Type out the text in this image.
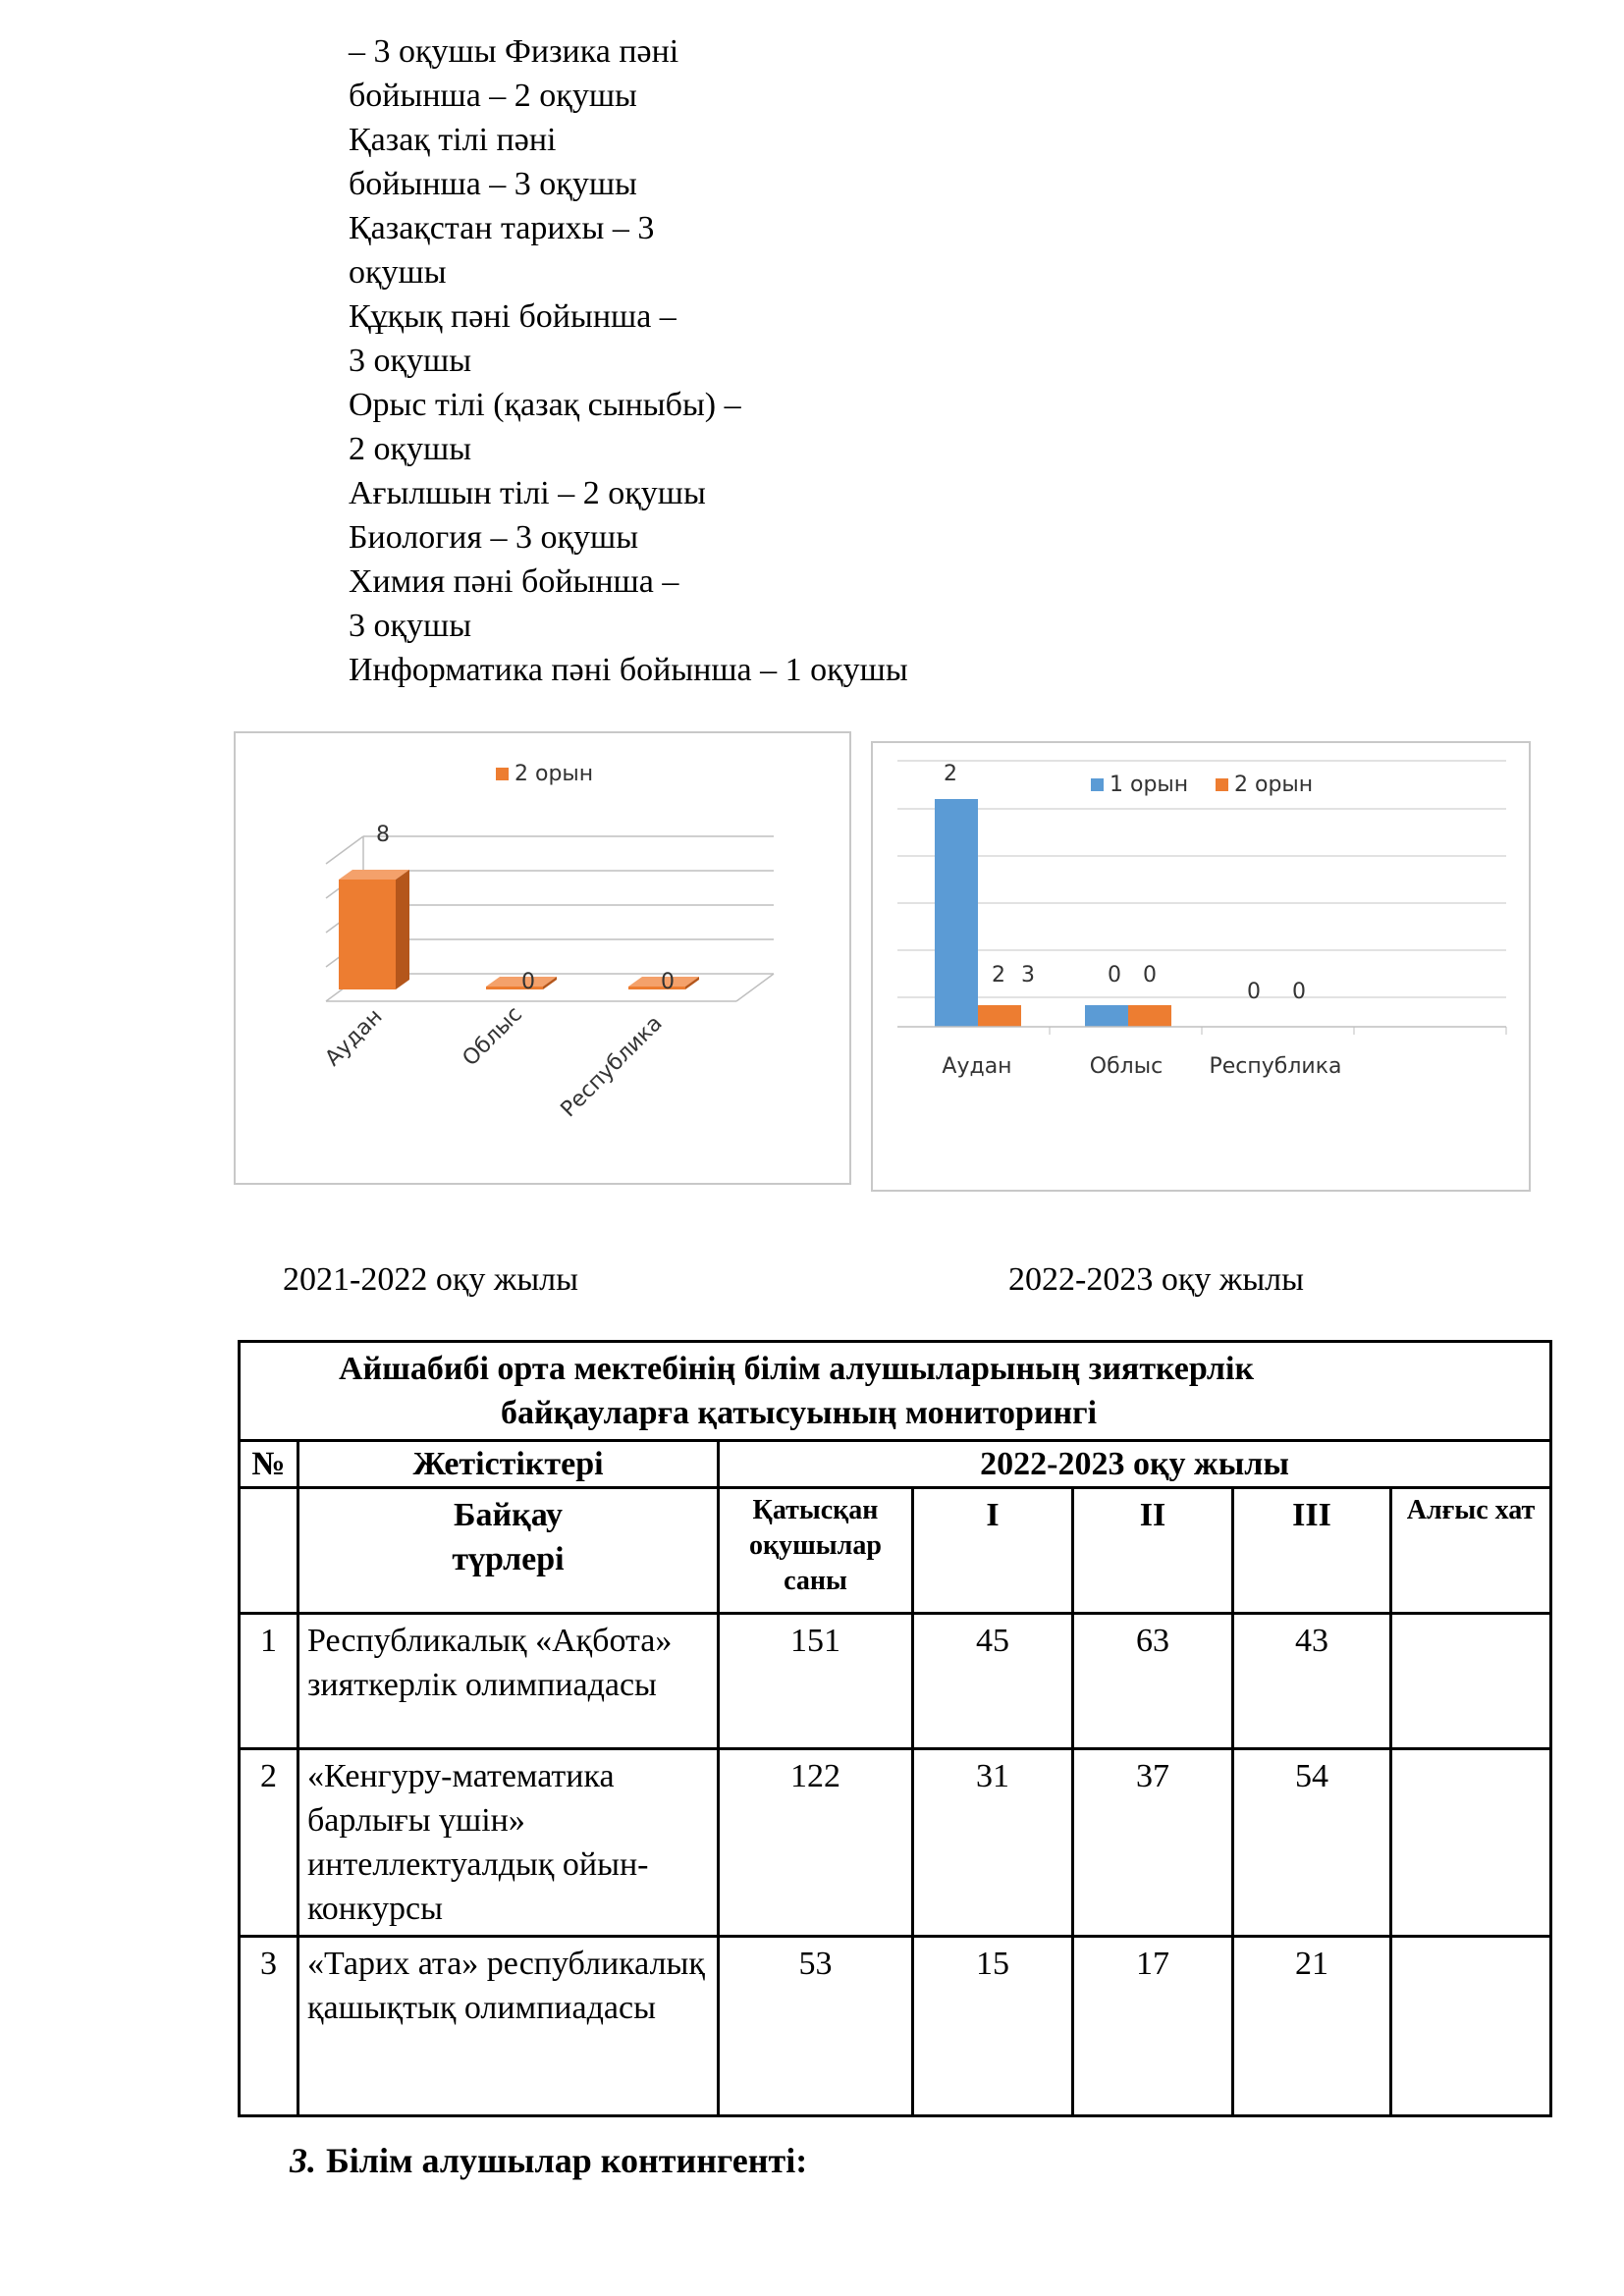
– 3 оқушы Физика пәні
бойынша – 2 оқушы
Қазақ тілі пәні
бойынша – 3 оқушы
Қазақстан тарихы – 3
оқушы
Құқық пәні бойынша –
3 оқушы
Орыс тілі (қазақ сыныбы) –
2 оқушы
Ағылшын тілі – 2 оқушы
Биология – 3 оқушы
Химия пәні бойынша –
3 оқушы
Информатика пәні бойынша – 1 оқушы
2 орын
8
0	0
Аудан	Облыс Республика
1 орын 2 орын
2
2 3	0 0
0 0
Аудан	Облыс Республика
2021-2022 оқу жылы	2022-2023 оқу жылы
Айшабибі орта мектебінің білім алушыларының зияткерлік
байқауларға қатысуының мониторингі						

№	Жетістіктері	2022-2023 оқу жылы				

	Байқау
түрлері	Қатысқан оқушылар саны	I	II	III	Алғыс хат
1	Республикалық «Ақбота» зияткерлік олимпиадасы	151	45	63	43	
2	«Кенгуру-математика барлығы үшін» интеллектуалдық ойын-конкурсы	122	31	37	54	
3	«Тарих ата» республикалық қашықтық олимпиадасы	53	15	17	21	
3. Білім алушылар контингенті:
